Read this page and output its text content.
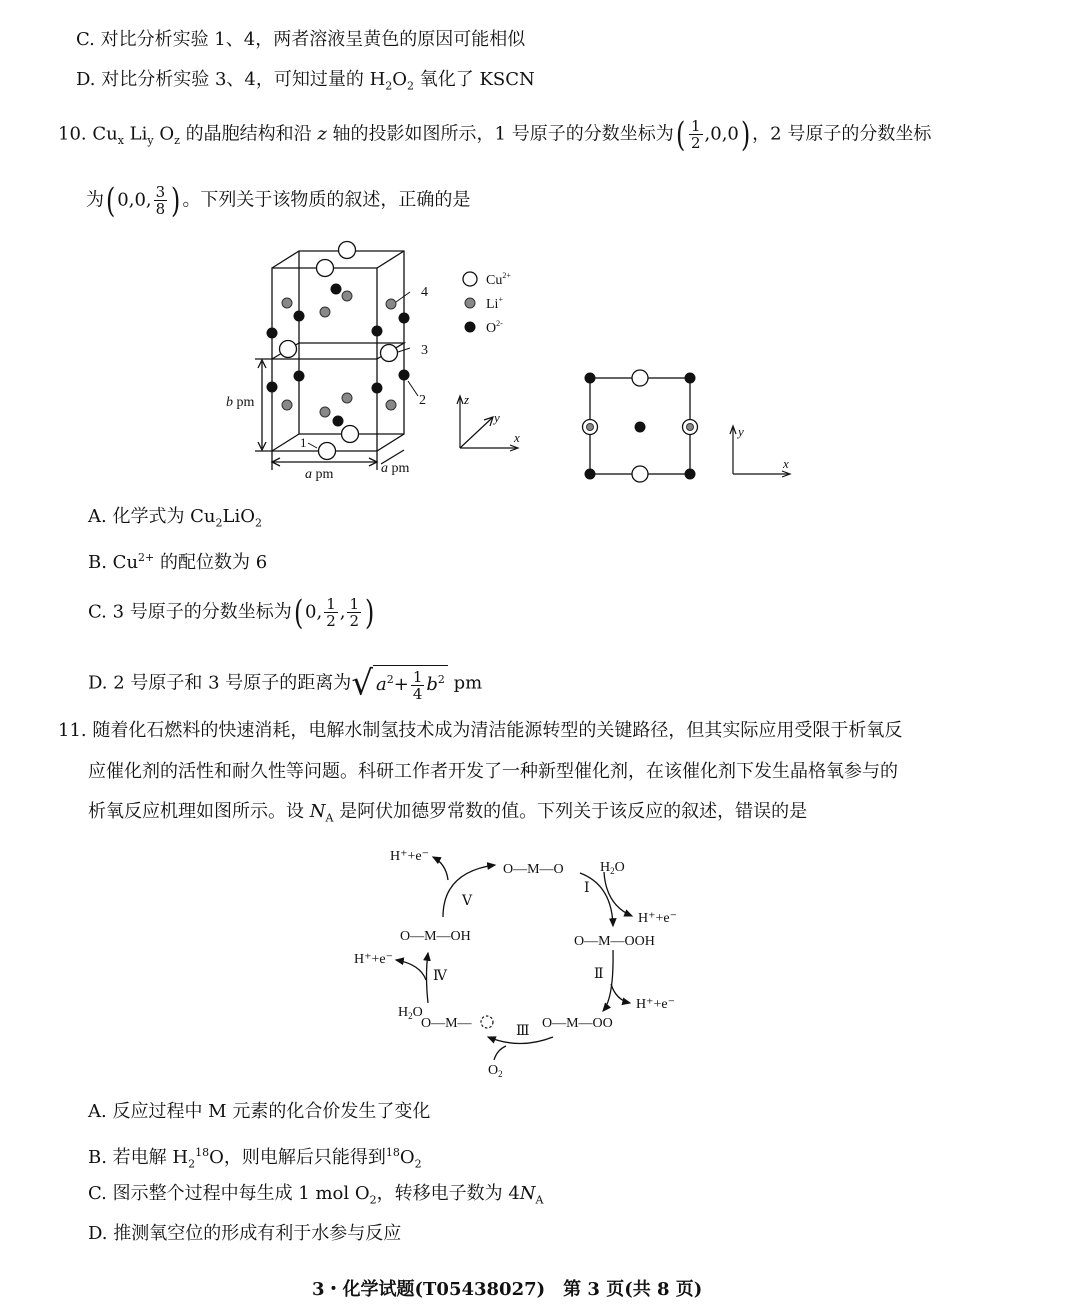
C. 对比分析实验 1、4，两者溶液呈黄色的原因可能相似
D. 对比分析实验 3、4，可知过量的 $H_2O_2$ 氧化了 KSCN
10. $Cu_x$ $Li_y$ $O_z$ 的晶胞结构和沿 z 轴的投影如图所示，1 号原子的分数坐标为( $\frac{1}{2} ,0,0$) ，2 号原子的分数坐标
为( 0,0, $\frac{3}{8}$ ) 。下列关于该物质的叙述，正确的是
4
3
2
1
b pm
a pm	a pm
$Cu^{2+}$
Li+
$O^{2-}$
z
y
x	y
x
A. 化学式为 $Cu_2LiO_2$
B. $Cu^{2+}$ 的配位数为 6
C. 3 号原子的分数坐标为( 0, $\frac{1}{2}$ , $\frac{1}{2}$ )
D. 2 号原子和 3 号原子的距离为√ $a^2+ \frac{1}{4} b^2$ pm
11. 随着化石燃料的快速消耗，电解水制氢技术成为清洁能源转型的关键路径，但其实际应用受限于析氧反
应催化剂的活性和耐久性等问题。科研工作者开发了一种新型催化剂，在该催化剂下发生晶格氧参与的
析氧反应机理如图所示。设 $N_A$ 是阿伏加德罗常数的值。下列关于该反应的叙述，错误的是
H⁺+e⁻
O—M—O	$H_2O$
Ⅰ
Ⅴ
H⁺+e⁻
O—M—OH	O—M—OOH
H⁺+e⁻
Ⅳ	Ⅱ
H⁺+e⁻
$H_2O$
O—M—
Ⅲ
O—M—OO
$O_2$
A. 反应过程中 M 元素的化合价发生了变化
B. 若电解 $H_2^{18}O$，则电解后只能得到$^{18}O_2$
C. 图示整个过程中每生成 1 mol $O_2$，转移电子数为 $4N_A$
D. 推测氧空位的形成有利于水参与反应
3・化学试题(T05438027)　第 3 页(共 8 页)
